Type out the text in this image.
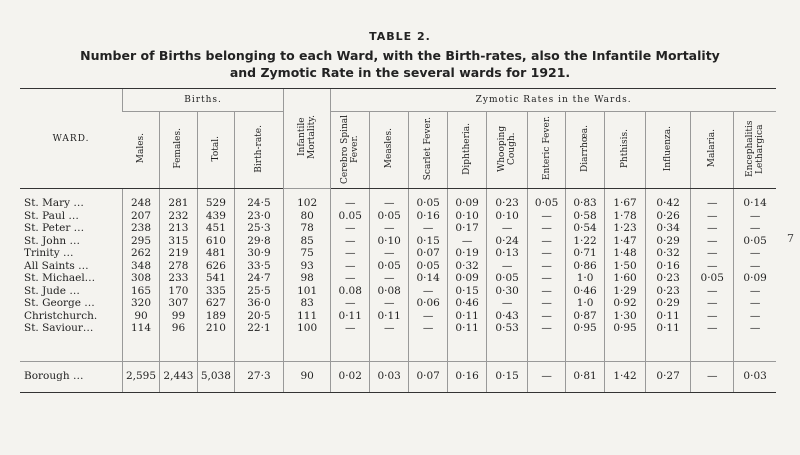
TABLE 2.
Number of Births belonging to each Ward, with the Birth-rates, also the Infantile Mortality
and Zymotic Rate in the several wards for 1921.
WARD.	Births.				Infantile Mortality.	Zymotic Rates in the Wards.										
	Males.	Females.	Total.	Birth-rate.		Cerebro Spinal Fever.	Measles.	Scarlet Fever.	Diphtheria.	Whooping Cough.	Enteric Fever.	Diarrhœa.	Phthisis.	Influenza.	Malaria.	Encephalitis Lethargica
St. Mary …	248	281	529	24·5	102	—	—	0·05	0·09	0·23	0·05	0·83	1·67	0·42	—	0·14
St. Paul …	207	232	439	23·0	80	0.05	0·05	0·16	0·10	0·10	—	0·58	1·78	0·26	—	—
St. Peter …	238	213	451	25·3	78	—	—	—	0·17	—	—	0·54	1·23	0·34	—	—
St. John …	295	315	610	29·8	85	—	0·10	0·15	—	0·24	—	1·22	1·47	0·29	—	0·05
Trinity …	262	219	481	30·9	75	—	—	0·07	0·19	0·13	—	0·71	1·48	0·32	—	—
All Saints …	348	278	626	33·5	93	—	0·05	0·05	0·32	—	—	0·86	1·50	0·16	—	—
St. Michael…	308	233	541	24·7	98	—	—	0·14	0·09	0·05	—	1·0	1·60	0·23	0·05	0·09
St. Jude …	165	170	335	25·5	101	0.08	0·08	—	0·15	0·30	—	0·46	1·29	0·23	—	—
St. George …	320	307	627	36·0	83	—	—	0·06	0·46	—	—	1·0	0·92	0·29	—	—
Christchurch.	90	99	189	20·5	111	0·11	0·11	—	0·11	0·43	—	0·87	1·30	0·11	—	—
St. Saviour…	114	96	210	22·1	100	—	—	—	0·11	0·53	—	0·95	0·95	0·11	—	—

Borough …	2,595	2,443	5,038	27·3	90	0·02	0·03	0·07	0·16	0·15	—	0·81	1·42	0·27	—	0·03
7
